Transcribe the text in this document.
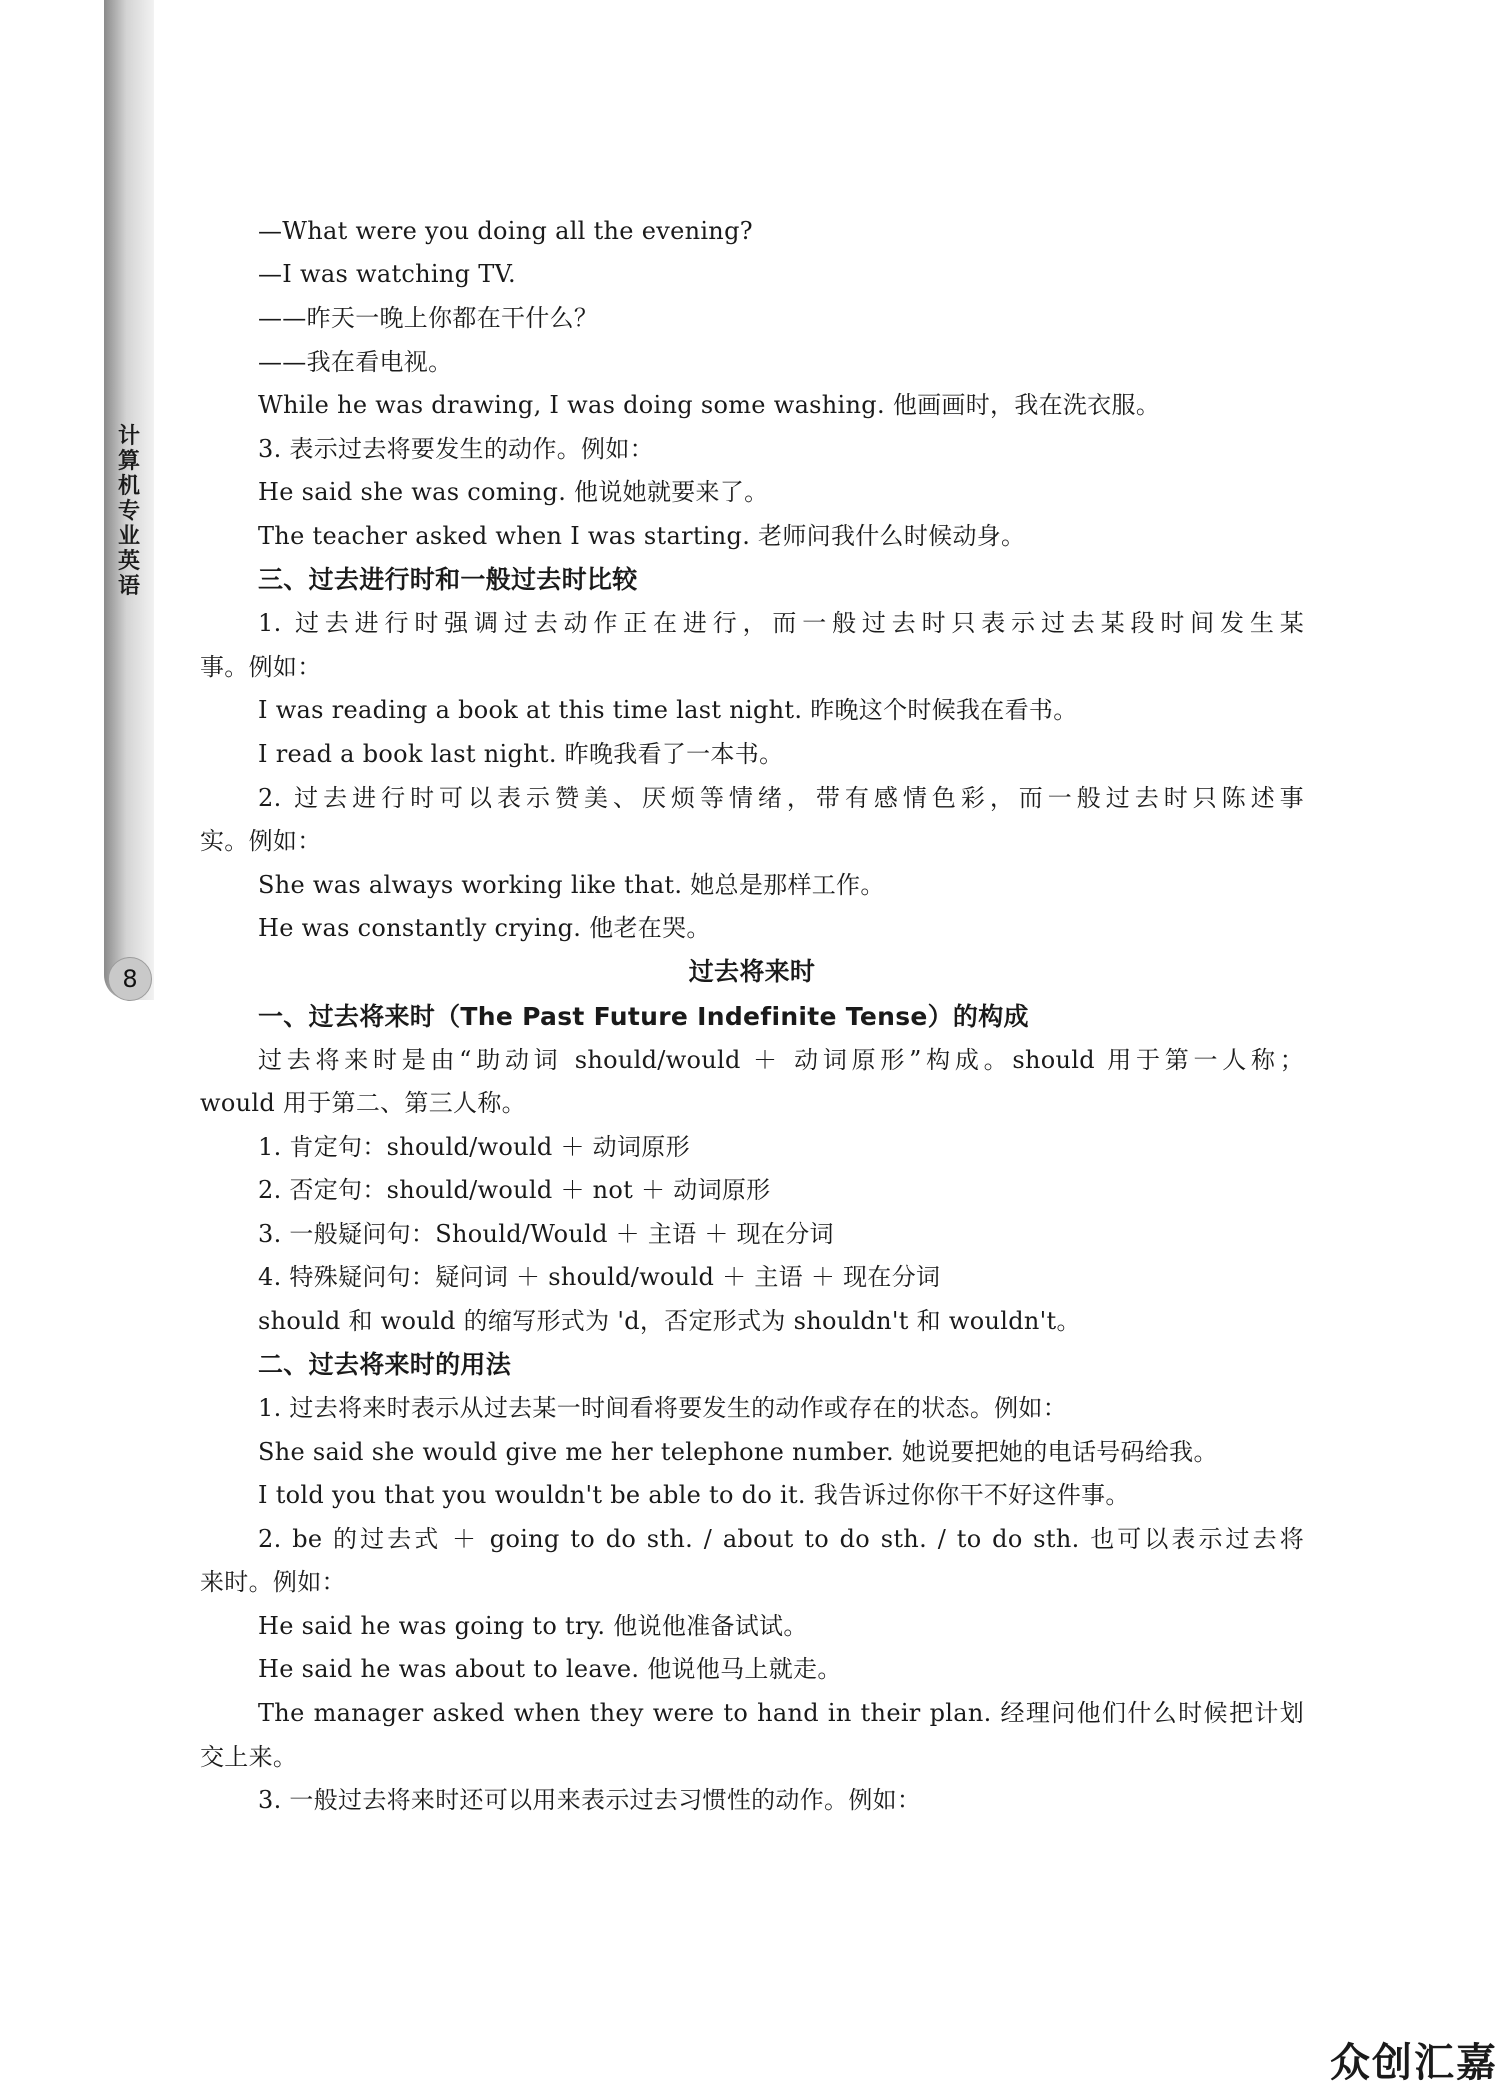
计算机专业英语
8
—What were you doing all the evening?
—I was watching TV.
——昨天一晚上你都在干什么？
——我在看电视。
While he was drawing, I was doing some washing. 他画画时，我在洗衣服。
3. 表示过去将要发生的动作。例如：
He said she was coming. 他说她就要来了。
The teacher asked when I was starting. 老师问我什么时候动身。
三、过去进行时和一般过去时比较
1. 过去进行时强调过去动作正在进行，而一般过去时只表示过去某段时间发生某
事。例如：
I was reading a book at this time last night. 昨晚这个时候我在看书。
I read a book last night. 昨晚我看了一本书。
2. 过去进行时可以表示赞美、厌烦等情绪，带有感情色彩，而一般过去时只陈述事
实。例如：
She was always working like that. 她总是那样工作。
He was constantly crying. 他老在哭。
过去将来时
一、过去将来时（The Past Future Indefinite Tense）的构成
过去将来时是由“助动词 should/would ＋ 动词原形”构成。should 用于第一人称；
would 用于第二、第三人称。
1. 肯定句：should/would ＋ 动词原形
2. 否定句：should/would ＋ not ＋ 动词原形
3. 一般疑问句：Should/Would ＋ 主语 ＋ 现在分词
4. 特殊疑问句：疑问词 ＋ should/would ＋ 主语 ＋ 现在分词
should 和 would 的缩写形式为 'd，否定形式为 shouldn't 和 wouldn't。
二、过去将来时的用法
1. 过去将来时表示从过去某一时间看将要发生的动作或存在的状态。例如：
She said she would give me her telephone number. 她说要把她的电话号码给我。
I told you that you wouldn't be able to do it. 我告诉过你你干不好这件事。
2. be 的过去式 ＋ going to do sth. / about to do sth. / to do sth. 也可以表示过去将
来时。例如：
He said he was going to try. 他说他准备试试。
He said he was about to leave. 他说他马上就走。
The manager asked when they were to hand in their plan. 经理问他们什么时候把计划
交上来。
3. 一般过去将来时还可以用来表示过去习惯性的动作。例如：
众创汇嘉
